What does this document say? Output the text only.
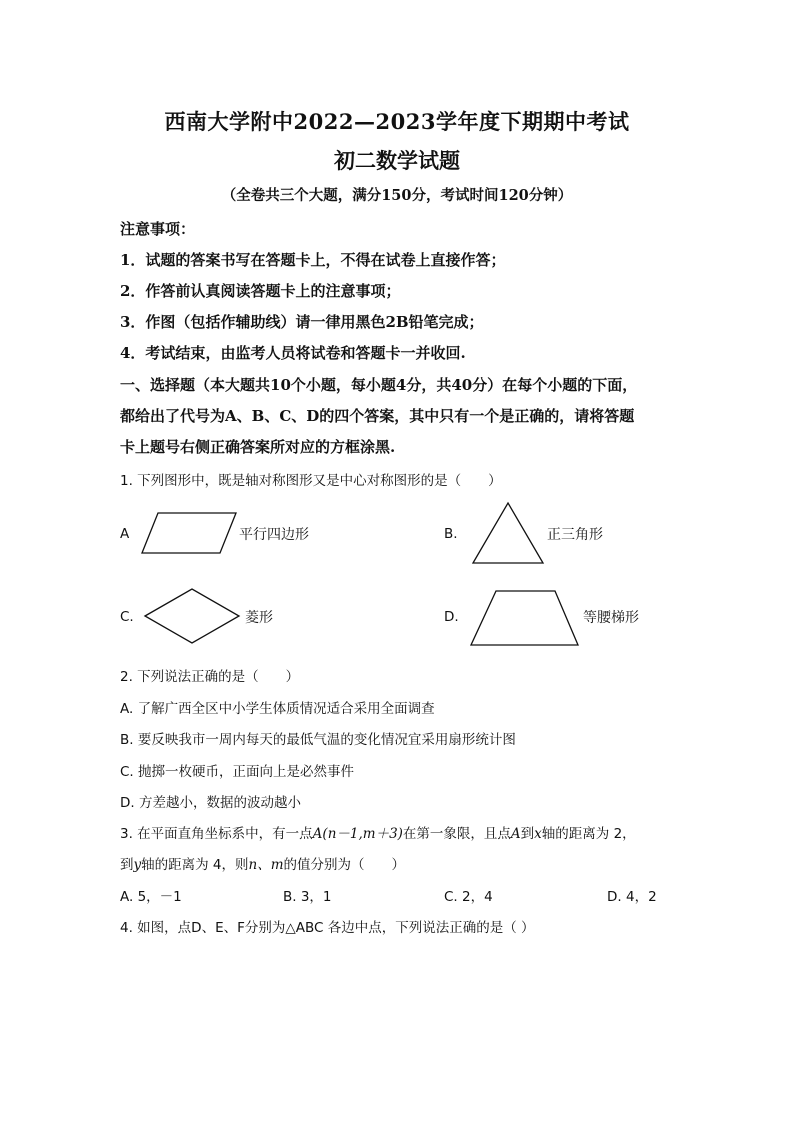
西南大学附中2022—2023学年度下期期中考试
初二数学试题
（全卷共三个大题，满分150分，考试时间120分钟）
注意事项：
1．试题的答案书写在答题卡上，不得在试卷上直接作答；
2．作答前认真阅读答题卡上的注意事项；
3．作图（包括作辅助线）请一律用黑色2B铅笔完成；
4．考试结束，由监考人员将试卷和答题卡一并收回.
一、选择题（本大题共10个小题，每小题4分，共40分）在每个小题的下面，
都给出了代号为A、B、C、D的四个答案，其中只有一个是正确的，请将答题
卡上题号右侧正确答案所对应的方框涂黑.
1. 下列图形中，既是轴对称图形又是中心对称图形的是（　　）
A	平行四边形	B.	正三角形
C.	菱形	D.	等腰梯形
2. 下列说法正确的是（　　）
A. 了解广西全区中小学生体质情况适合采用全面调查
B. 要反映我市一周内每天的最低气温的变化情况宜采用扇形统计图
C. 抛掷一枚硬币，正面向上是必然事件
D. 方差越小，数据的波动越小
3. 在平面直角坐标系中，有一点A(n－1,m＋3)在第一象限，且点A到x轴的距离为 2，
到y轴的距离为 4，则n、m的值分别为（　　）
A. 5，－1	B. 3，1	C. 2，4	D. 4，2
4. 如图，点D、E、F分别为△ABC 各边中点，下列说法正确的是（ ）
